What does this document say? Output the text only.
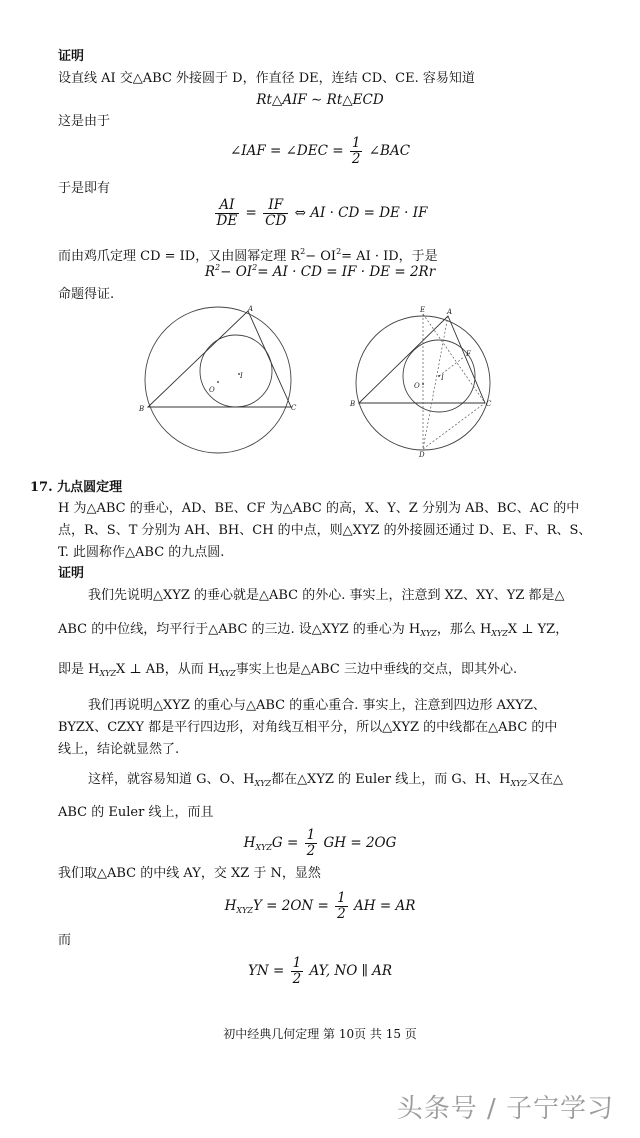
证明
设直线 AI 交△ABC 外接圆于 D，作直径 DE，连结 CD、CE. 容易知道
Rt△AIF ∼ Rt△ECD
这是由于
∠IAF = ∠DEC = $\frac{1}{2}$ ∠BAC
于是即有
$\frac{AI}{DE} = \frac{IF}{CD}$ ⇔ AI · CD = DE · IF
而由鸡爪定理 CD = ID，又由圆幂定理 $R^2- OI^2=$ AI · ID，于是
$R^2- OI^2=$ AI · CD = IF · DE = 2Rr
命题得证.
A
B	C
O
I
E	A
F
I
O
B	C
D
17. 九点圆定理
H 为△ABC 的垂心，AD、BE、CF 为△ABC 的高，X、Y、Z 分别为 AB、BC、AC 的中
点，R、S、T 分别为 AH、BH、CH 的中点，则△XYZ 的外接圆还通过 D、E、F、R、S、
T. 此圆称作△ABC 的九点圆.
证明
我们先说明△XYZ 的垂心就是△ABC 的外心. 事实上，注意到 XZ、XY、YZ 都是△
ABC 的中位线，均平行于△ABC 的三边. 设△XYZ 的垂心为 $H_{XYZ}$，那么 $H_{XYZ}X$ ⊥ YZ，
即是 $H_{XYZ}X$ ⊥ AB，从而 $H_{XYZ}$事实上也是△ABC 三边中垂线的交点，即其外心.
我们再说明△XYZ 的重心与△ABC 的重心重合. 事实上，注意到四边形 AXYZ、
BYZX、CZXY 都是平行四边形，对角线互相平分，所以△XYZ 的中线都在△ABC 的中
线上，结论就显然了.
这样，就容易知道 G、O、$H_{XYZ}$都在△XYZ 的 Euler 线上，而 G、H、$H_{XYZ}$又在△
ABC 的 Euler 线上，而且
$H_{XYZ}G = \frac{1}{2}$ GH = 2OG
我们取△ABC 的中线 AY，交 XZ 于 N，显然
$H_{XYZ}Y = 2ON = \frac{1}{2}$ AH = AR
而
YN = $\frac{1}{2}$ AY, NO ∥ AR
初中经典几何定理 第 10页 共 15 页
头条号 / 子宁学习
